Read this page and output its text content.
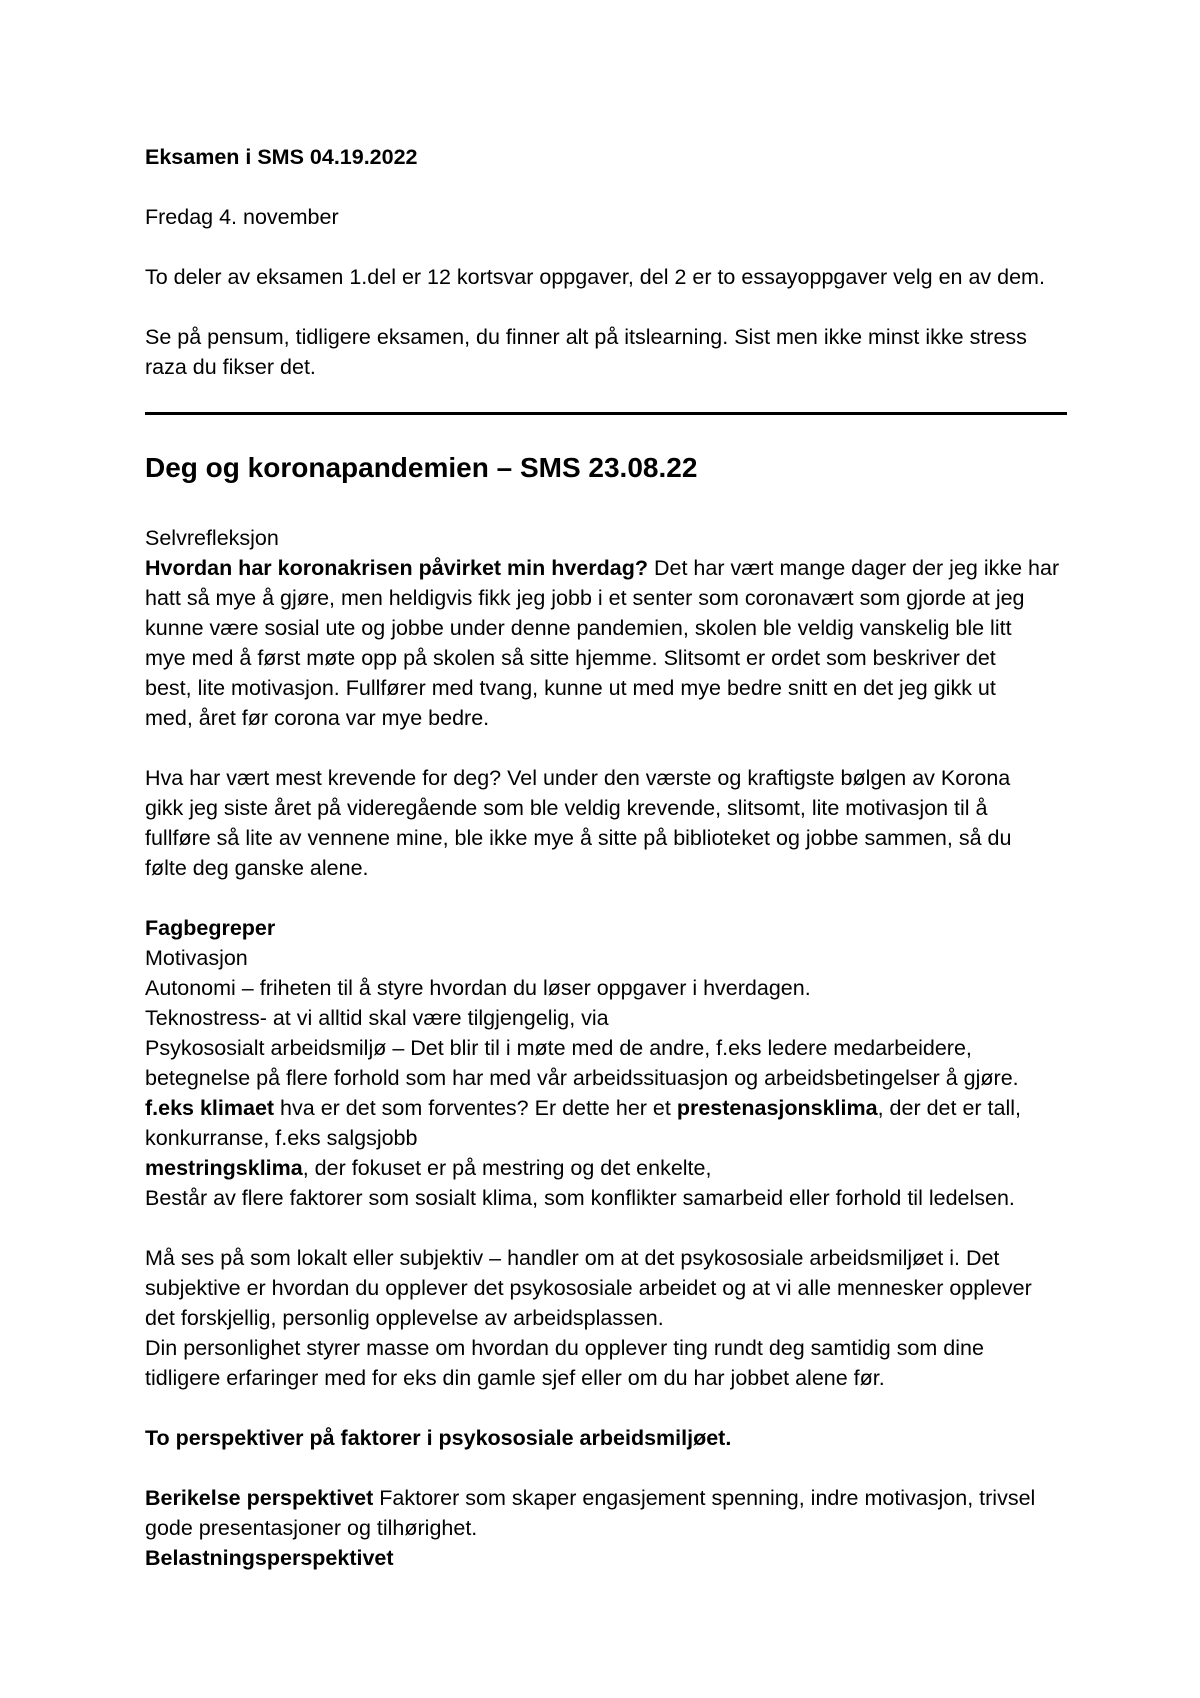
Eksamen i SMS 04.19.2022
Fredag 4. november
To deler av eksamen 1.del er 12 kortsvar oppgaver, del 2 er to essayoppgaver velg en av dem.
Se på pensum, tidligere eksamen, du finner alt på itslearning. Sist men ikke minst ikke stress
raza du fikser det.
Deg og koronapandemien – SMS 23.08.22
Selvrefleksjon
Hvordan har koronakrisen påvirket min hverdag? Det har vært mange dager der jeg ikke har
hatt så mye å gjøre, men heldigvis fikk jeg jobb i et senter som coronavært som gjorde at jeg
kunne være sosial ute og jobbe under denne pandemien, skolen ble veldig vanskelig ble litt
mye med å først møte opp på skolen så sitte hjemme. Slitsomt er ordet som beskriver det
best, lite motivasjon. Fullfører med tvang, kunne ut med mye bedre snitt en det jeg gikk ut
med, året før corona var mye bedre.
Hva har vært mest krevende for deg? Vel under den værste og kraftigste bølgen av Korona
gikk jeg siste året på videregående som ble veldig krevende, slitsomt, lite motivasjon til å
fullføre så lite av vennene mine, ble ikke mye å sitte på biblioteket og jobbe sammen, så du
følte deg ganske alene.
Fagbegreper
Motivasjon
Autonomi – friheten til å styre hvordan du løser oppgaver i hverdagen.
Teknostress- at vi alltid skal være tilgjengelig, via
Psykososialt arbeidsmiljø – Det blir til i møte med de andre, f.eks ledere medarbeidere,
betegnelse på flere forhold som har med vår arbeidssituasjon og arbeidsbetingelser å gjøre.
f.eks klimaet hva er det som forventes? Er dette her et prestenasjonsklima, der det er tall,
konkurranse, f.eks salgsjobb
mestringsklima, der fokuset er på mestring og det enkelte,
Består av flere faktorer som sosialt klima, som konflikter samarbeid eller forhold til ledelsen.
Må ses på som lokalt eller subjektiv – handler om at det psykososiale arbeidsmiljøet i. Det
subjektive er hvordan du opplever det psykososiale arbeidet og at vi alle mennesker opplever
det forskjellig, personlig opplevelse av arbeidsplassen.
Din personlighet styrer masse om hvordan du opplever ting rundt deg samtidig som dine
tidligere erfaringer med for eks din gamle sjef eller om du har jobbet alene før.
To perspektiver på faktorer i psykososiale arbeidsmiljøet.
Berikelse perspektivet Faktorer som skaper engasjement spenning, indre motivasjon, trivsel
gode presentasjoner og tilhørighet.
Belastningsperspektivet
